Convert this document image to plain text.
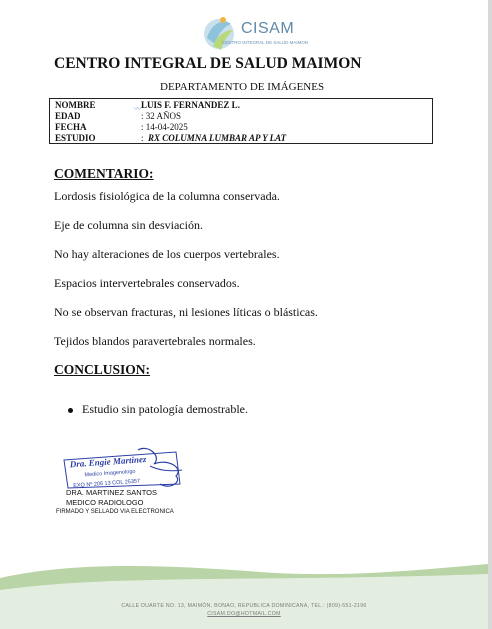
CISAM
CENTRO INTEGRAL DE SALUD MAIMON
CENTRO INTEGRAL DE SALUD MAIMON
DEPARTAMENTO DE IMÁGENES
〰
NOMBRE	LUIS F. FERNANDEZ L.
EDAD	: 32 AÑOS
FECHA	: 14-04-2025
ESTUDIO	: RX COLUMNA LUMBAR AP Y LAT
COMENTARIO:
Lordosis fisiológica de la columna conservada.
Eje de columna sin desviación.
No hay alteraciones de los cuerpos vertebrales.
Espacios intervertebrales conservados.
No se observan fracturas, ni lesiones líticas o blásticas.
Tejidos blandos paravertebrales normales.
CONCLUSION:
Estudio sin patología demostrable.
Dra. Engie Martinez
Medico Imagenologo
EXQ Nº 206 13 COL 25357
DRA. MARTINEZ SANTOS
MEDICO RADIOLOGO
FIRMADO Y SELLADO VIA ELECTRONICA
CALLE DUARTE NO. 13, MAIMÓN, BONAO, REPUBLICA DOMINICANA, TEL.: (809)-551-2196
CISAM.DO@HOTMAIL.COM
